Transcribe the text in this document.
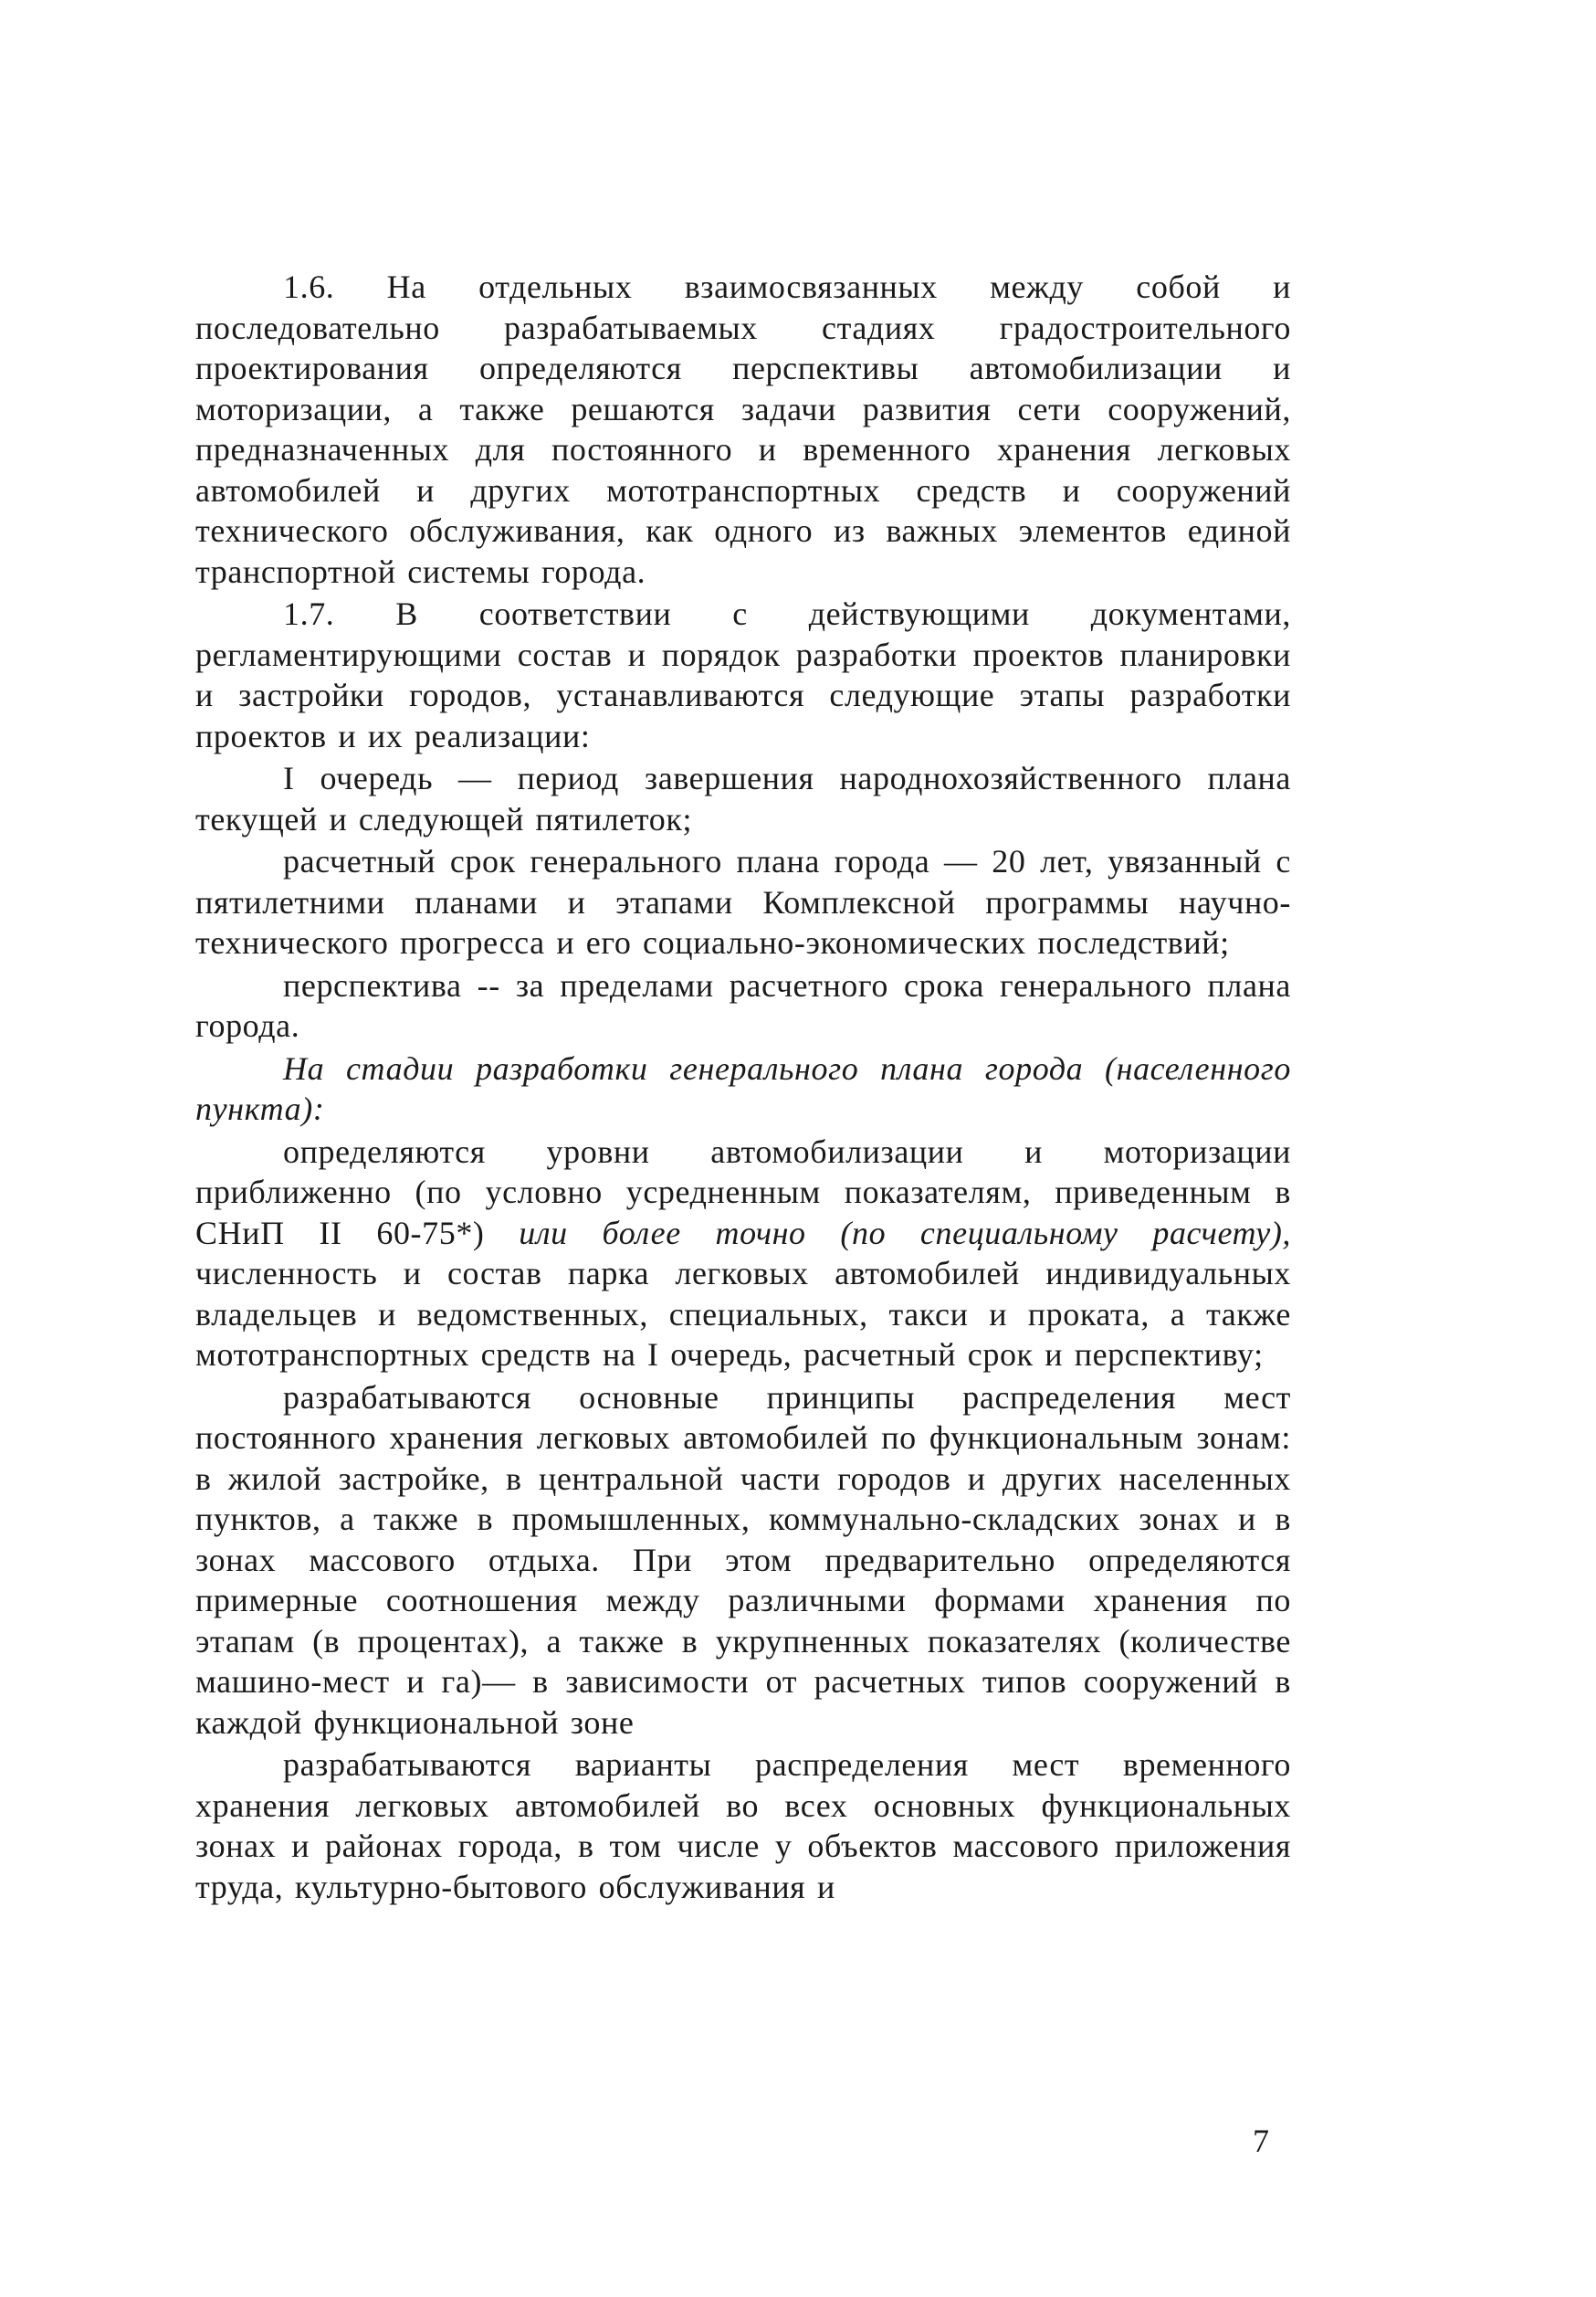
1.6. На отдельных взаимосвязанных между собой и последовательно разрабатываемых стадиях градостроительного проектирования определяются перспективы автомобилизации и моторизации, а также решаются задачи развития сети сооружений, предназначенных для постоянного и временного хранения легковых автомобилей и других мототранспортных средств и сооружений технического обслуживания, как одного из важных элементов единой транспортной системы города.

1.7. В соответствии с действующими документами, регламентирующими состав и порядок разработки проектов планировки и застройки городов, устанавливаются следующие этапы разработки проектов и их реализации:

I очередь — период завершения народнохозяйственного плана текущей и следующей пятилеток;

расчетный срок генерального плана города — 20 лет, увязанный с пятилетними планами и этапами Комплексной программы научно-технического прогресса и его социально-экономических последствий;

перспектива -- за пределами расчетного срока генерального плана города.

На стадии разработки генерального плана города (населенного пункта):

определяются уровни автомобилизации и моторизации приближенно (по условно усредненным показателям, приведенным в СНиП II 60-75*) или более точно (по специальному расчету), численность и состав парка легковых автомобилей индивидуальных владельцев и ведомственных, специальных, такси и проката, а также мототранспортных средств на I очередь, расчетный срок и перспективу;

разрабатываются основные принципы распределения мест постоянного хранения легковых автомобилей по функциональным зонам: в жилой застройке, в центральной части городов и других населенных пунктов, а также в промышленных, коммунально-складских зонах и в зонах массового отдыха. При этом предварительно определяются примерные соотношения между различными формами хранения по этапам (в процентах), а также в укрупненных показателях (количестве машино-мест и га)— в зависимости от расчетных типов сооружений в каждой функциональной зоне

разрабатываются варианты распределения мест временного хранения легковых автомобилей во всех основных функциональных зонах и районах города, в том числе у объектов массового приложения труда, культурно-бытового обслуживания и

7
